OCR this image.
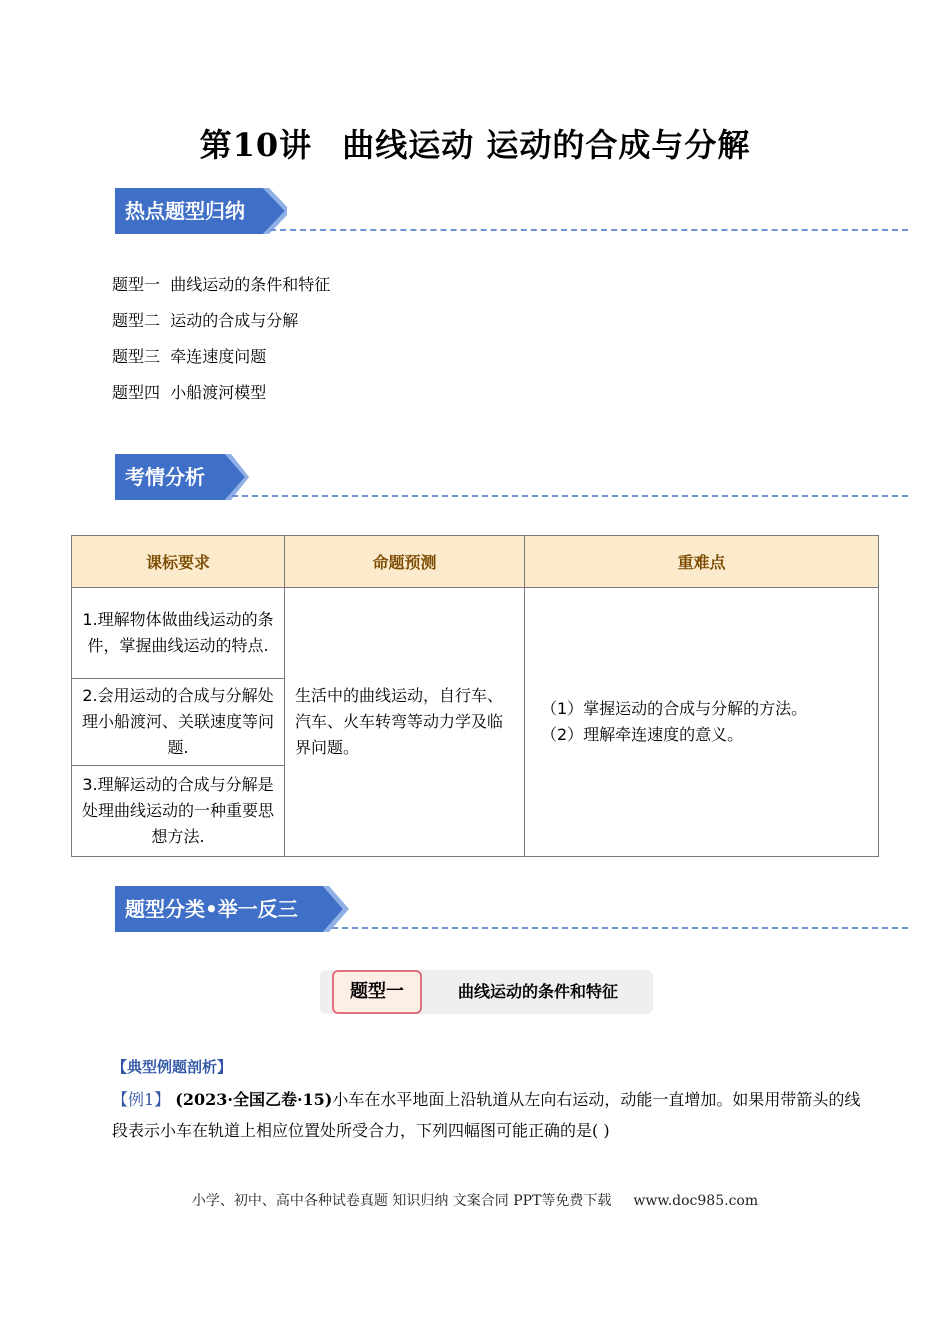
第10讲 曲线运动 运动的合成与分解
热点题型归纳
题型一 曲线运动的条件和特征
题型二 运动的合成与分解
题型三 牵连速度问题
题型四 小船渡河模型
考情分析
课标要求	命题预测	重难点
1.理解物体做曲线运动的条件，掌握曲线运动的特点.	生活中的曲线运动，自行车、汽车、火车转弯等动力学及临界问题。	（1）掌握运动的合成与分解的方法。
（2）理解牵连速度的意义。

2.会用运动的合成与分解处理小船渡河、关联速度等问题.		
3.理解运动的合成与分解是处理曲线运动的一种重要思想方法.		
题型分类•举一反三
题型一	曲线运动的条件和特征
【典型例题剖析】
【例1】 (2023·全国乙卷·15)小车在水平地面上沿轨道从左向右运动，动能一直增加。如果用带箭头的线段表示小车在轨道上相应位置处所受合力，下列四幅图可能正确的是( )
小学、初中、高中各种试卷真题 知识归纳 文案合同 PPT等免费下载 www.doc985.com
